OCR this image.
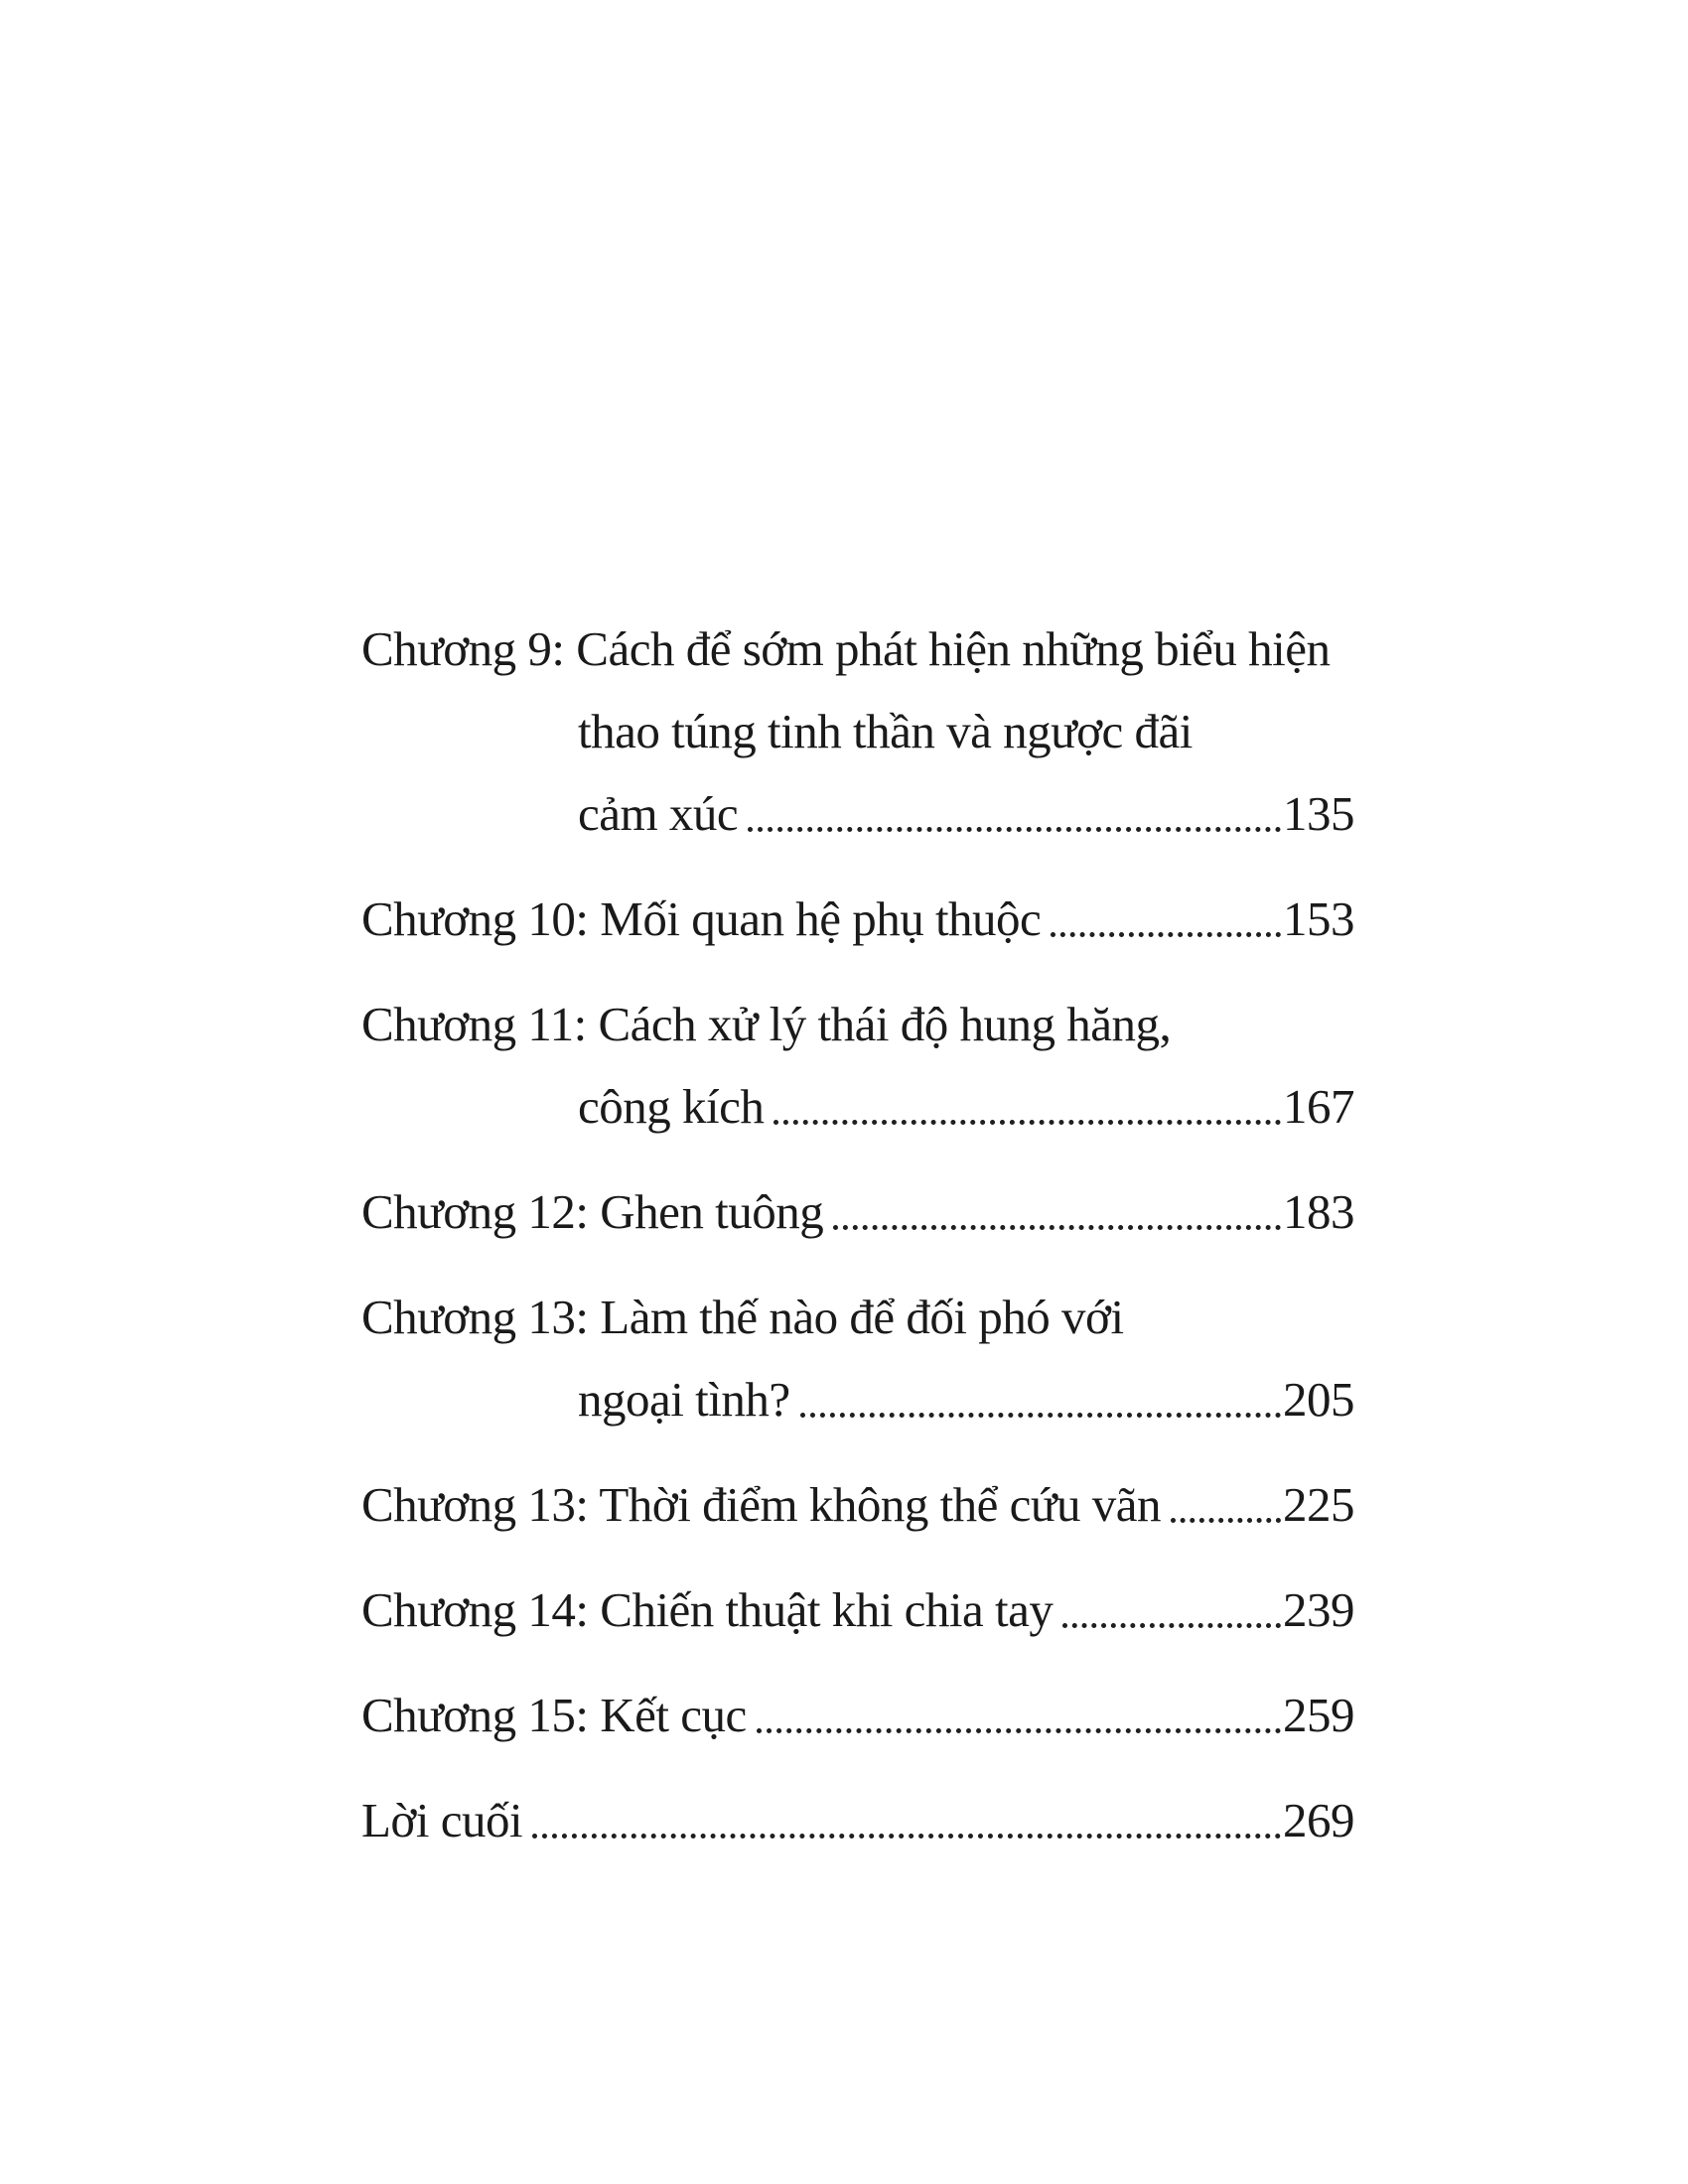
Chương 9: Cách để sớm phát hiện những biểu hiện
thao túng tinh thần và ngược đãi
cảm xúc	135
Chương 10: Mối quan hệ phụ thuộc	153
Chương 11: Cách xử lý thái độ hung hăng,
công kích	167
Chương 12: Ghen tuông	183
Chương 13: Làm thế nào để đối phó với
ngoại tình?	205
Chương 13: Thời điểm không thể cứu vãn	225
Chương 14: Chiến thuật khi chia tay	239
Chương 15: Kết cục	259
Lời cuối	269
